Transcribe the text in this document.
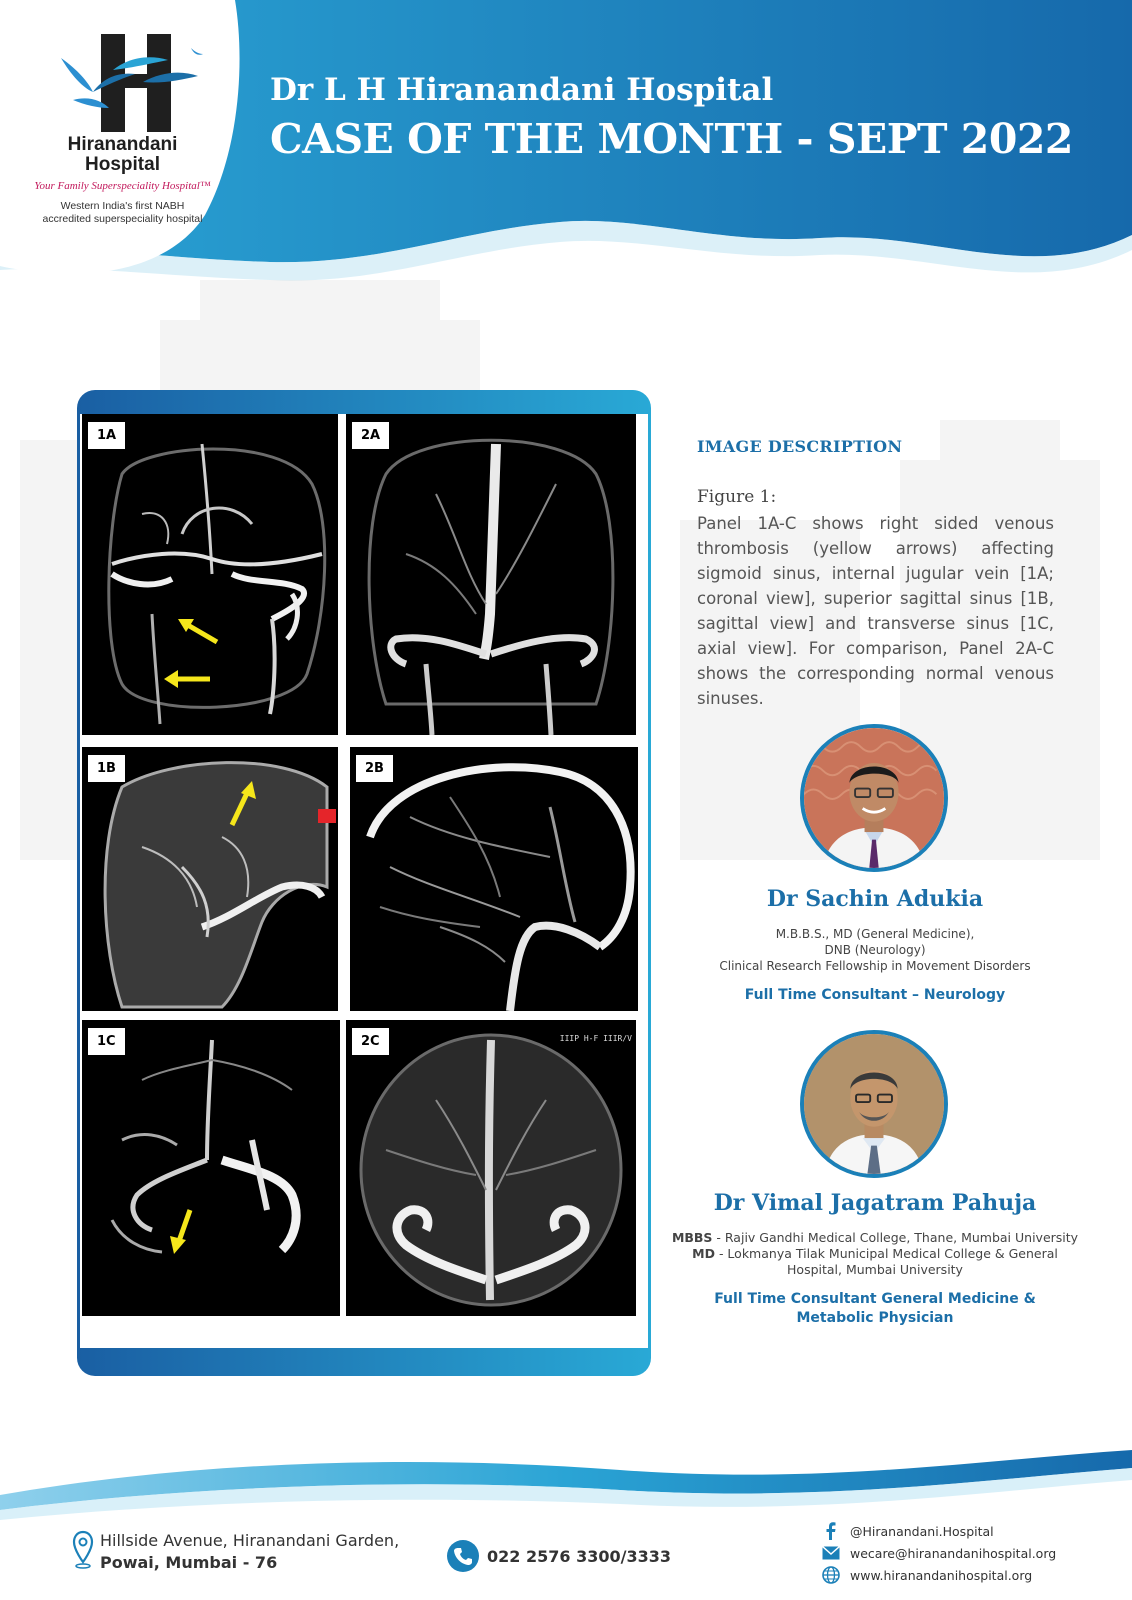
Hiranandani
Hospital
Your Family Superspeciality Hospital™
Western India's first NABH
accredited superspeciality hospital
Dr L H Hiranandani Hospital
CASE OF THE MONTH - SEPT 2022
1A	2A
1B	2B
1C	2C	IIIP H-F IIIR/V
IMAGE DESCRIPTION
Figure 1:
Panel 1A-C shows right sided venous thrombosis (yellow arrows) affecting sigmoid sinus, internal jugular vein [1A; coronal view], superior sagittal sinus [1B, sagittal view] and transverse sinus [1C, axial view]. For comparison, Panel 2A-C shows the corresponding normal venous sinuses.
Dr Sachin Adukia
M.B.B.S., MD (General Medicine),
DNB (Neurology)
Clinical Research Fellowship in Movement Disorders
Full Time Consultant – Neurology
Dr Vimal Jagatram Pahuja
MBBS - Rajiv Gandhi Medical College, Thane, Mumbai University
MD - Lokmanya Tilak Municipal Medical College & General
Hospital, Mumbai University
Full Time Consultant General Medicine &
Metabolic Physician
Hillside Avenue, Hiranandani Garden,
Powai, Mumbai - 76	022 2576 3300/3333
@Hiranandani.Hospital
wecare@hiranandanihospital.org
www.hiranandanihospital.org
